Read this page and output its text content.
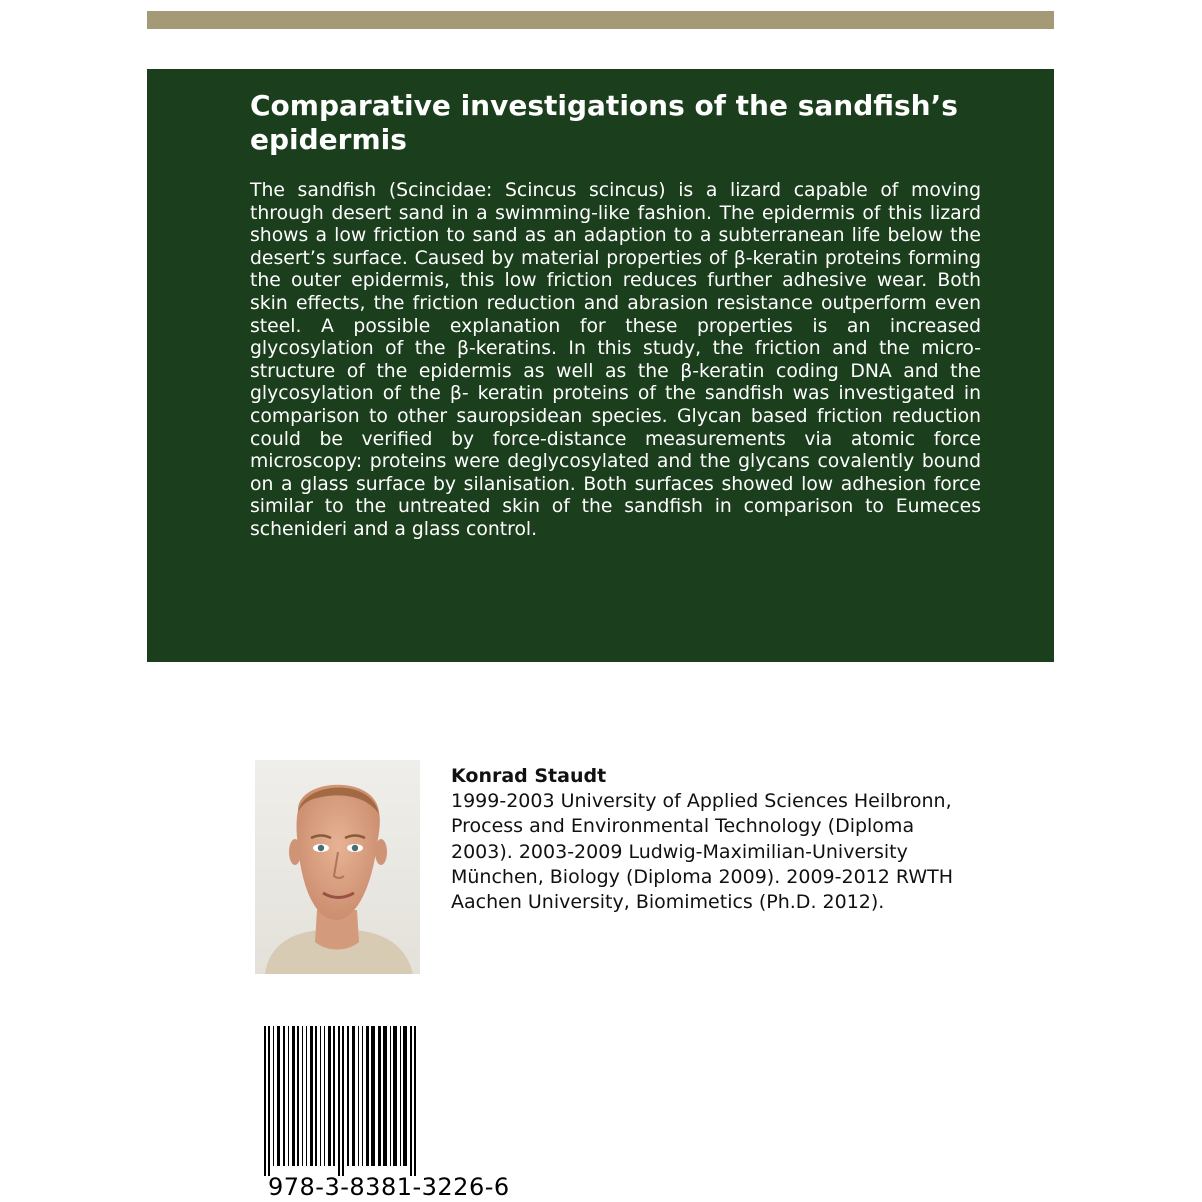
Comparative investigations of the sandfish’s epidermis

The sandfish (Scincidae: Scincus scincus) is a lizard capable of moving through desert sand in a swimming-like fashion. The epidermis of this lizard shows a low friction to sand as an adaption to a subterranean life below the desert’s surface. Caused by material properties of β-keratin proteins forming the outer epidermis, this low friction reduces further adhesive wear. Both skin effects, the friction reduction and abrasion resistance outperform even steel. A possible explanation for these properties is an increased glycosylation of the β-keratins. In this study, the friction and the micro-structure of the epidermis as well as the β-keratin coding DNA and the glycosylation of the β- keratin proteins of the sandfish was investigated in comparison to other sauropsidean species. Glycan based friction reduction could be verified by force-distance measurements via atomic force microscopy: proteins were deglycosylated and the glycans covalently bound on a glass surface by silanisation. Both surfaces showed low adhesion force similar to the untreated skin of the sandfish in comparison to Eumeces schenideri and a glass control.

Konrad Staudt
1999-2003 University of Applied Sciences Heilbronn, Process and Environmental Technology (Diploma 2003). 2003-2009 Ludwig-Maximilian-University München, Biology (Diploma 2009). 2009-2012 RWTH Aachen University, Biomimetics (Ph.D. 2012).
978-3-8381-3226-6
